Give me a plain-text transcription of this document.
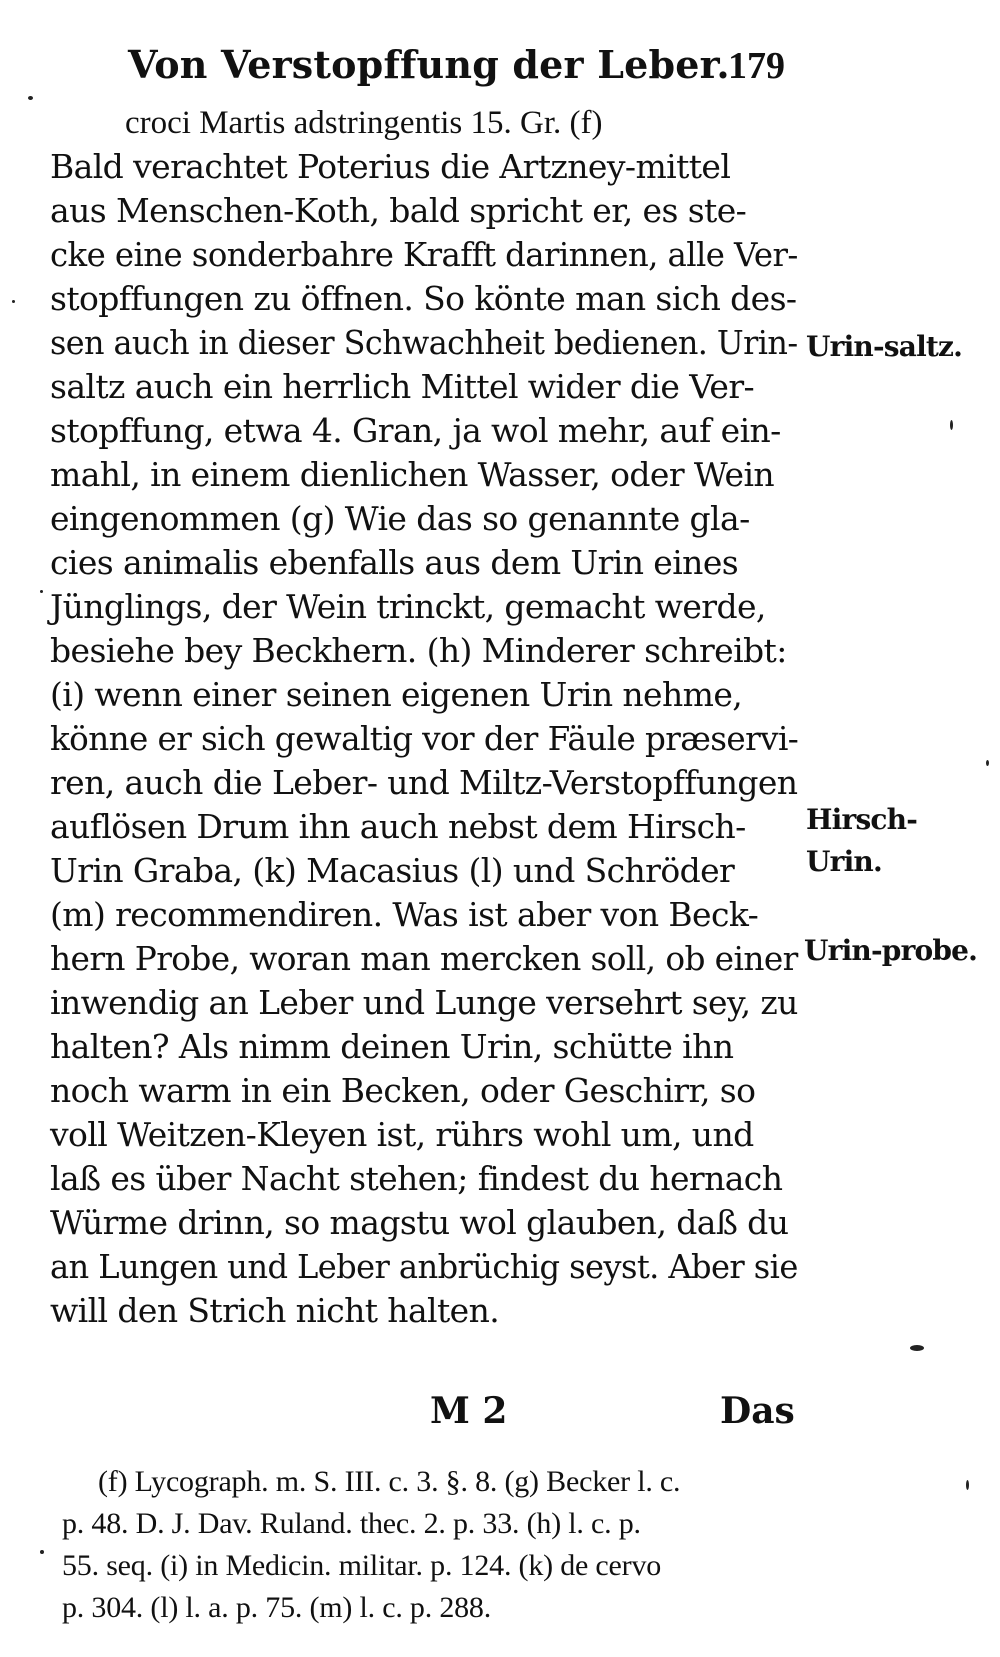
Von Verstopffung der Leber.
179
croci Martis adstringentis 15. Gr. (f)
Bald verachtet Poterius die Artzney-mittel
aus Menschen-Koth, bald spricht er, es ste-
cke eine sonderbahre Krafft darinnen, alle Ver-
stopffungen zu öffnen. So könte man sich des-
sen auch in dieser Schwachheit bedienen. Urin-
saltz auch ein herrlich Mittel wider die Ver-
stopffung, etwa 4. Gran, ja wol mehr, auf ein-
mahl, in einem dienlichen Wasser, oder Wein
eingenommen (g) Wie das so genannte gla-
cies animalis ebenfalls aus dem Urin eines
Jünglings, der Wein trinckt, gemacht werde,
besiehe bey Beckhern. (h) Minderer schreibt:
(i) wenn einer seinen eigenen Urin nehme,
könne er sich gewaltig vor der Fäule præservi-
ren, auch die Leber- und Miltz-Verstopffungen
auflösen Drum ihn auch nebst dem Hirsch-
Urin Graba, (k) Macasius (l) und Schröder
(m) recommendiren. Was ist aber von Beck-
hern Probe, woran man mercken soll, ob einer
inwendig an Leber und Lunge versehrt sey, zu
halten? Als nimm deinen Urin, schütte ihn
noch warm in ein Becken, oder Geschirr, so
voll Weitzen-Kleyen ist, rührs wohl um, und
laß es über Nacht stehen; findest du hernach
Würme drinn, so magstu wol glauben, daß du
an Lungen und Leber anbrüchig seyst. Aber sie
will den Strich nicht halten.
Urin-saltz.
Hirsch-
Urin.
Urin-probe.
M 2	Das
(f) Lycograph. m. S. III. c. 3. §. 8. (g) Becker l. c.
p. 48. D. J. Dav. Ruland. thec. 2. p. 33. (h) l. c. p.
55. seq. (i) in Medicin. militar. p. 124. (k) de cervo
p. 304. (l) l. a. p. 75. (m) l. c. p. 288.
